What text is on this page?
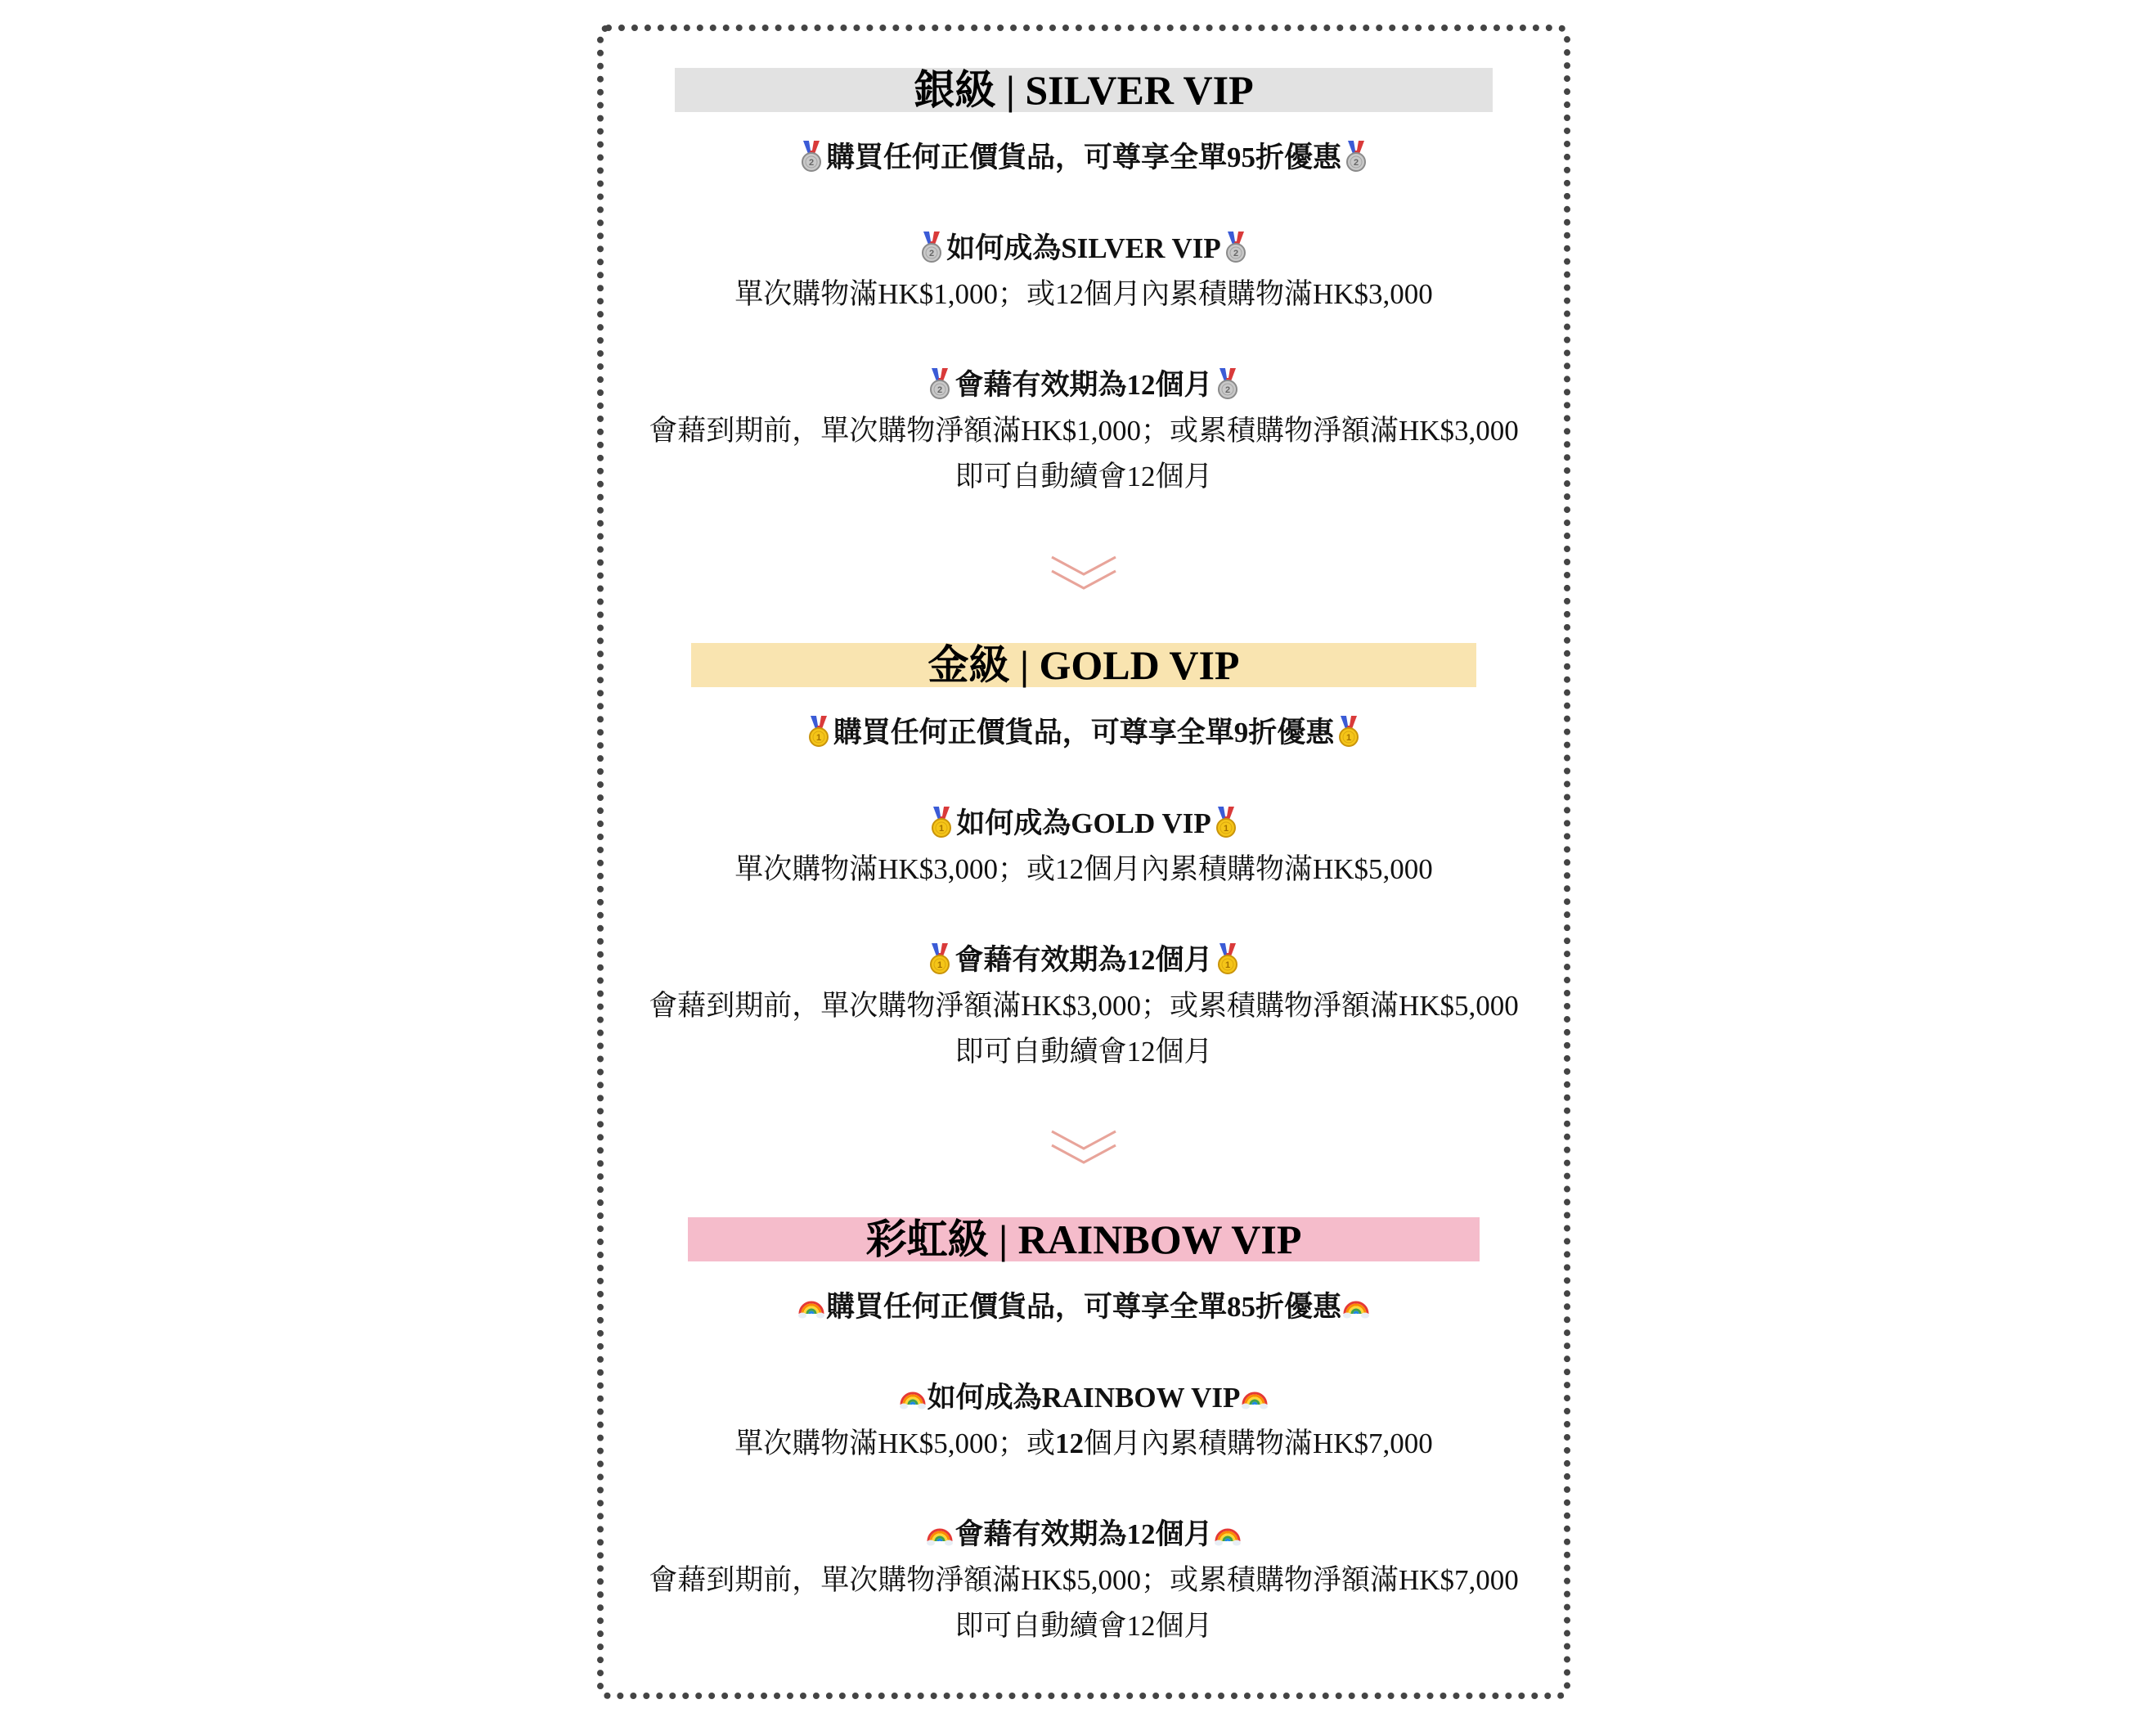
銀級 | SILVER VIP
2 購買任何正價貨品，可尊享全單95折優惠 2
2 如何成為SILVER VIP 2
單次購物滿HK$1,000；或12個月內累積購物滿HK$3,000
2 會藉有效期為12個月 2
會藉到期前，單次購物淨額滿HK$1,000；或累積購物淨額滿HK$3,000
即可自動續會12個月
金級 | GOLD VIP
1 購買任何正價貨品，可尊享全單9折優惠 1
1 如何成為GOLD VIP 1
單次購物滿HK$3,000；或12個月內累積購物滿HK$5,000
1 會藉有效期為12個月 1
會藉到期前，單次購物淨額滿HK$3,000；或累積購物淨額滿HK$5,000
即可自動續會12個月
彩虹級 | RAINBOW VIP
購買任何正價貨品，可尊享全單85折優惠
如何成為RAINBOW VIP
單次購物滿HK$5,000；或12個月內累積購物滿HK$7,000
會藉有效期為12個月
會藉到期前，單次購物淨額滿HK$5,000；或累積購物淨額滿HK$7,000
即可自動續會12個月
